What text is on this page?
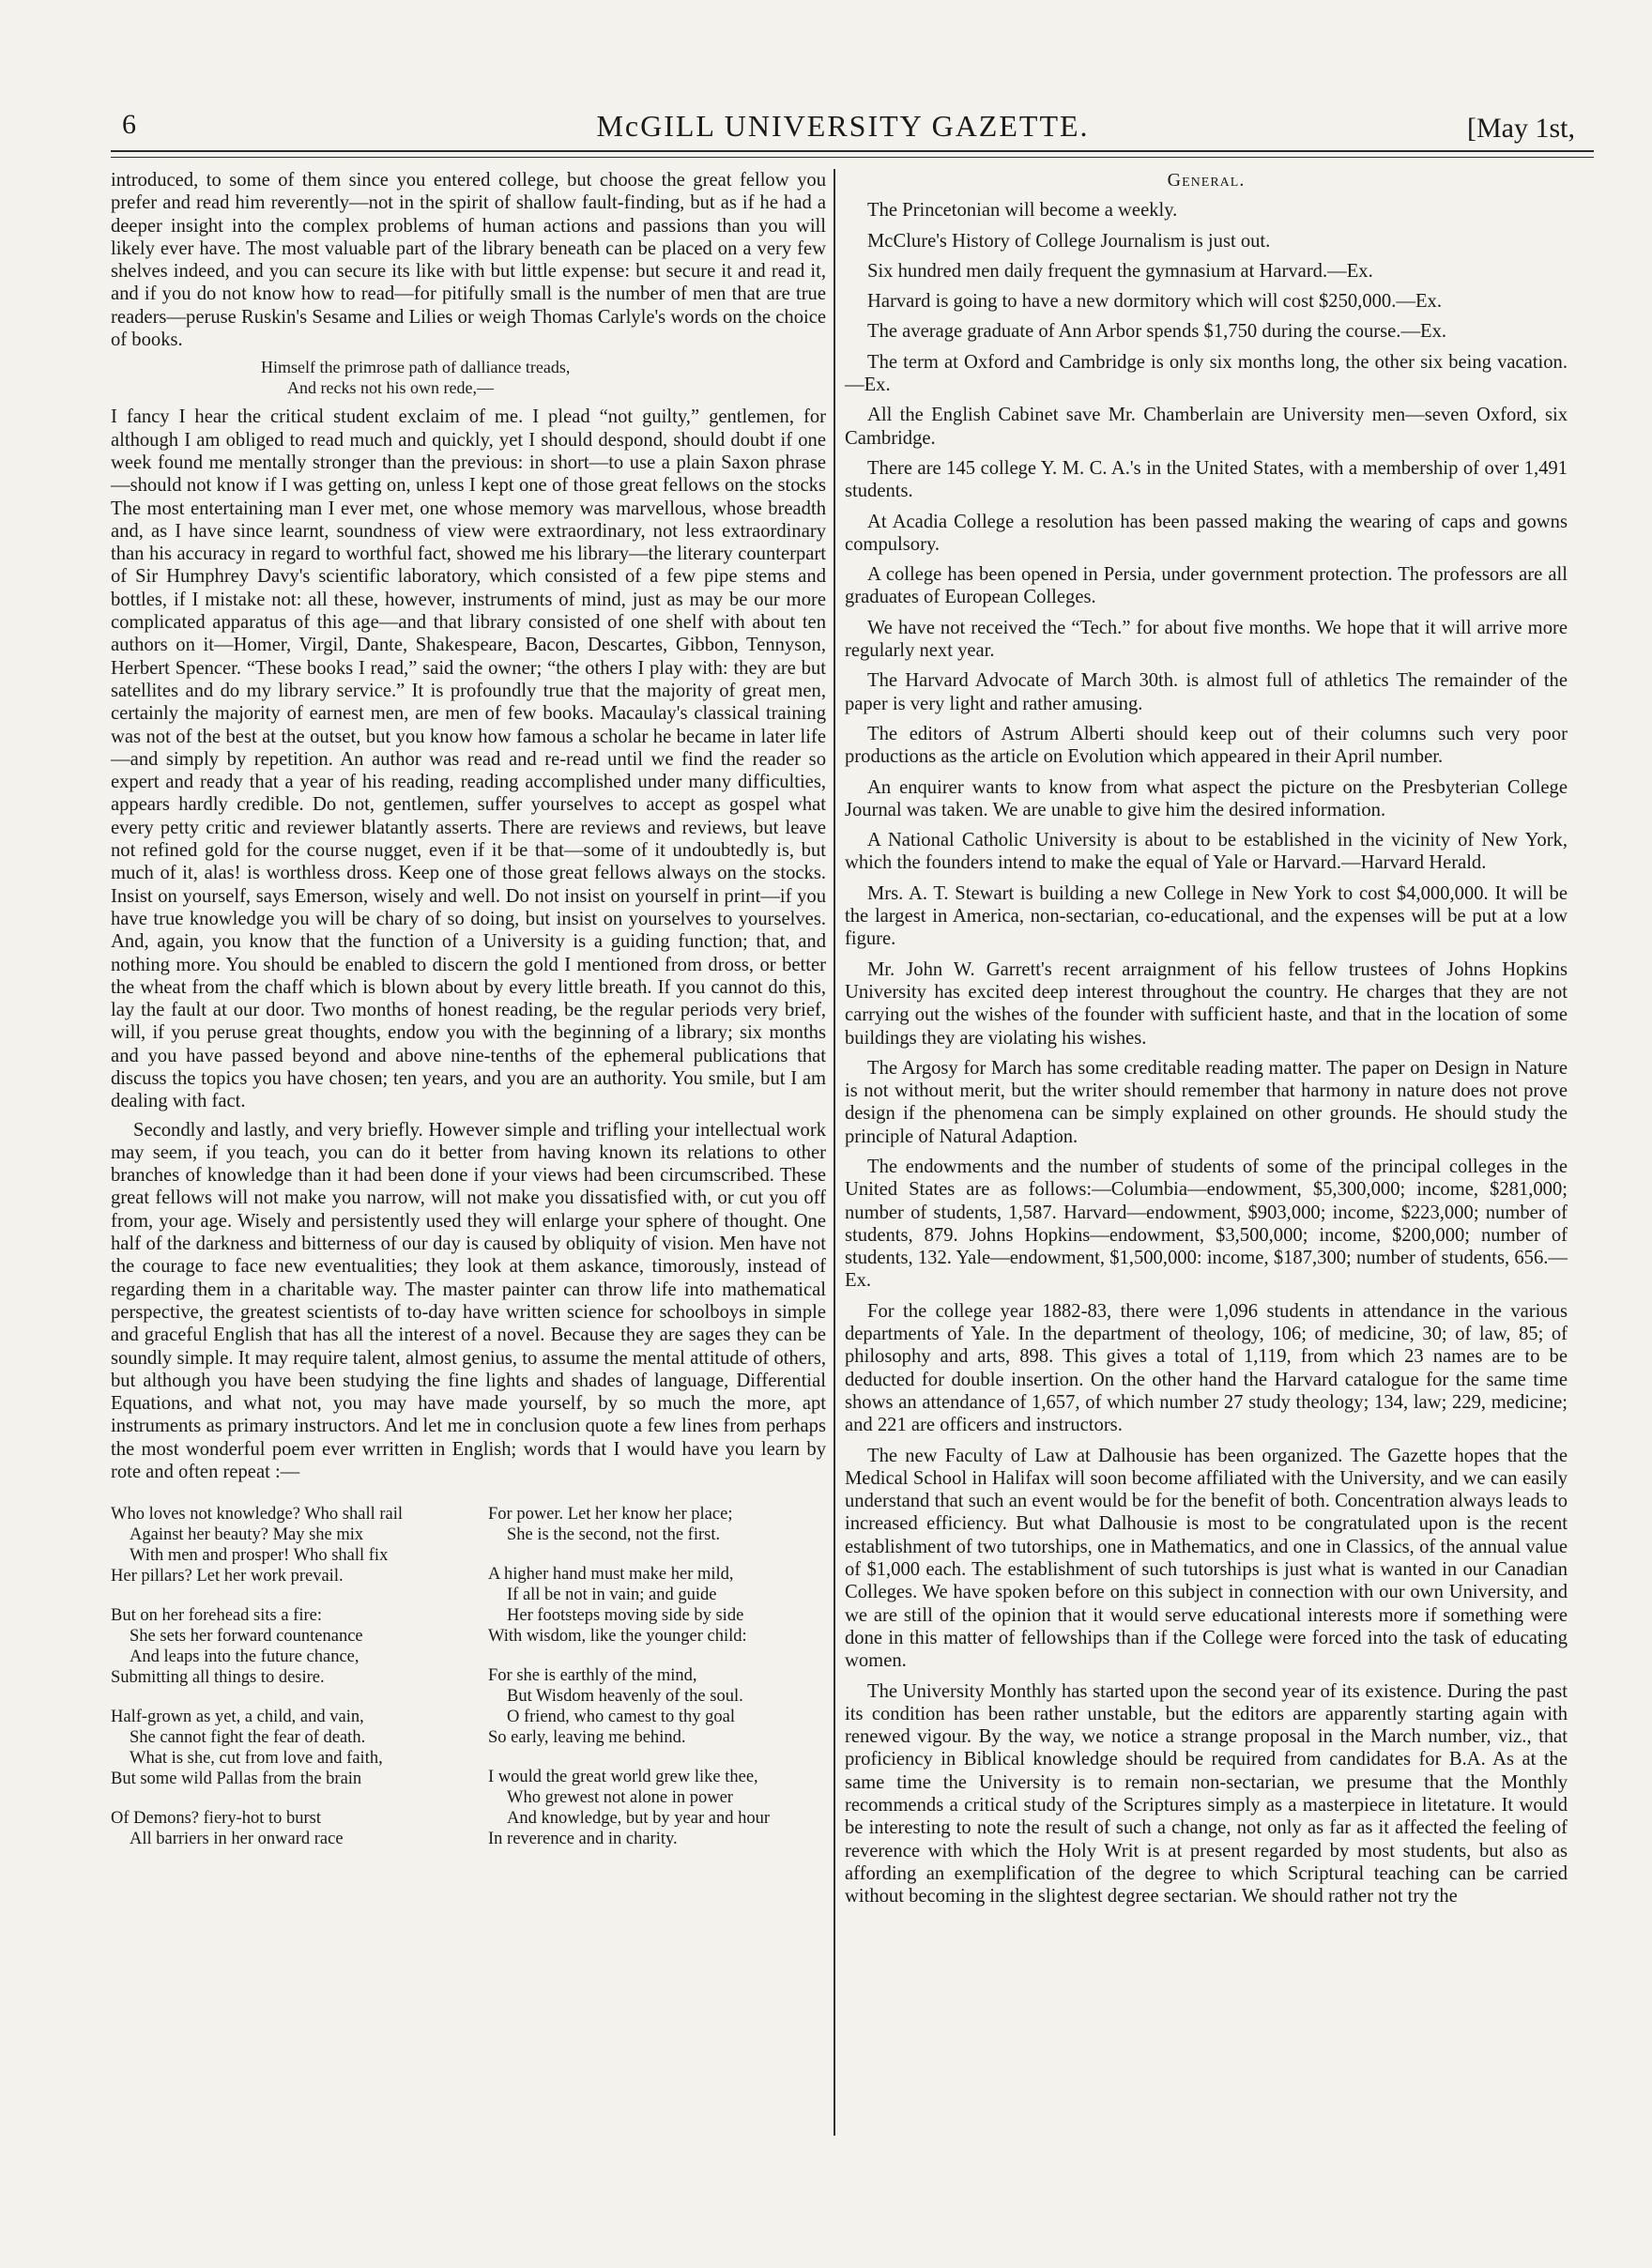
6	McGILL UNIVERSITY GAZETTE.	[May 1st,

introduced, to some of them since you entered college, but choose the great fellow you prefer and read him reverently—not in the spirit of shallow fault-finding, but as if he had a deeper insight into the complex problems of human actions and passions than you will likely ever have. The most valuable part of the library beneath can be placed on a very few shelves indeed, and you can secure its like with but little expense: but secure it and read it, and if you do not know how to read—for pitifully small is the number of men that are true readers—peruse Ruskin's Sesame and Lilies or weigh Thomas Carlyle's words on the choice of books.

Himself the primrose path of dalliance treads,
And recks not his own rede,—

I fancy I hear the critical student exclaim of me. I plead “not guilty,” gentlemen, for although I am obliged to read much and quickly, yet I should despond, should doubt if one week found me mentally stronger than the previous: in short—to use a plain Saxon phrase—should not know if I was getting on, unless I kept one of those great fellows on the stocks The most entertaining man I ever met, one whose memory was marvellous, whose breadth and, as I have since learnt, soundness of view were extraordinary, not less extraordinary than his accuracy in regard to worthful fact, showed me his library—the literary counterpart of Sir Humphrey Davy's scientific laboratory, which consisted of a few pipe stems and bottles, if I mistake not: all these, however, instruments of mind, just as may be our more complicated apparatus of this age—and that library consisted of one shelf with about ten authors on it—Homer, Virgil, Dante, Shakespeare, Bacon, Descartes, Gibbon, Tennyson, Herbert Spencer. “These books I read,” said the owner; “the others I play with: they are but satellites and do my library service.” It is profoundly true that the majority of great men, certainly the majority of earnest men, are men of few books. Macaulay's classical training was not of the best at the outset, but you know how famous a scholar he became in later life—and simply by repetition. An author was read and re-read until we find the reader so expert and ready that a year of his reading, reading accomplished under many difficulties, appears hardly credible. Do not, gentlemen, suffer yourselves to accept as gospel what every petty critic and reviewer blatantly asserts. There are reviews and reviews, but leave not refined gold for the course nugget, even if it be that—some of it undoubtedly is, but much of it, alas! is worthless dross. Keep one of those great fellows always on the stocks. Insist on yourself, says Emerson, wisely and well. Do not insist on yourself in print—if you have true knowledge you will be chary of so doing, but insist on yourselves to yourselves. And, again, you know that the function of a University is a guiding function; that, and nothing more. You should be enabled to discern the gold I mentioned from dross, or better the wheat from the chaff which is blown about by every little breath. If you cannot do this, lay the fault at our door. Two months of honest reading, be the regular periods very brief, will, if you peruse great thoughts, endow you with the beginning of a library; six months and you have passed beyond and above nine-tenths of the ephemeral publications that discuss the topics you have chosen; ten years, and you are an authority. You smile, but I am dealing with fact.

Secondly and lastly, and very briefly. However simple and trifling your intellectual work may seem, if you teach, you can do it better from having known its relations to other branches of knowledge than it had been done if your views had been circumscribed. These great fellows will not make you narrow, will not make you dissatisfied with, or cut you off from, your age. Wisely and persistently used they will enlarge your sphere of thought. One half of the darkness and bitterness of our day is caused by obliquity of vision. Men have not the courage to face new eventualities; they look at them askance, timorously, instead of regarding them in a charitable way. The master painter can throw life into mathematical perspective, the greatest scientists of to-day have written science for schoolboys in simple and graceful English that has all the interest of a novel. Because they are sages they can be soundly simple. It may require talent, almost genius, to assume the mental attitude of others, but although you have been studying the fine lights and shades of language, Differential Equations, and what not, you may have made yourself, by so much the more, apt instruments as primary instructors. And let me in conclusion quote a few lines from perhaps the most wonderful poem ever wrritten in English; words that I would have you learn by rote and often repeat :—

Who loves not knowledge? Who shall rail
Against her beauty? May she mix
With men and prosper! Who shall fix
Her pillars? Let her work prevail.
But on her forehead sits a fire:
She sets her forward countenance
And leaps into the future chance,
Submitting all things to desire.
Half-grown as yet, a child, and vain,
She cannot fight the fear of death.
What is she, cut from love and faith,
But some wild Pallas from the brain
Of Demons? fiery-hot to burst
All barriers in her onward race
For power. Let her know her place;
She is the second, not the first.
A higher hand must make her mild,
If all be not in vain; and guide
Her footsteps moving side by side
With wisdom, like the younger child:
For she is earthly of the mind,
But Wisdom heavenly of the soul.
O friend, who camest to thy goal
So early, leaving me behind.
I would the great world grew like thee,
Who grewest not alone in power
And knowledge, but by year and hour
In reverence and in charity.
General.
The Princetonian will become a weekly.
McClure's History of College Journalism is just out.
Six hundred men daily frequent the gymnasium at Harvard.—Ex.
Harvard is going to have a new dormitory which will cost $250,000.—Ex.
The average graduate of Ann Arbor spends $1,750 during the course.—Ex.
The term at Oxford and Cambridge is only six months long, the other six being vacation.—Ex.
All the English Cabinet save Mr. Chamberlain are University men—seven Oxford, six Cambridge.
There are 145 college Y. M. C. A.'s in the United States, with a membership of over 1,491 students.
At Acadia College a resolution has been passed making the wearing of caps and gowns compulsory.
A college has been opened in Persia, under government protection. The professors are all graduates of European Colleges.
We have not received the “Tech.” for about five months. We hope that it will arrive more regularly next year.
The Harvard Advocate of March 30th. is almost full of athletics The remainder of the paper is very light and rather amusing.
The editors of Astrum Alberti should keep out of their columns such very poor productions as the article on Evolution which appeared in their April number.
An enquirer wants to know from what aspect the picture on the Presbyterian College Journal was taken. We are unable to give him the desired information.
A National Catholic University is about to be established in the vicinity of New York, which the founders intend to make the equal of Yale or Harvard.—Harvard Herald.
Mrs. A. T. Stewart is building a new College in New York to cost $4,000,000. It will be the largest in America, non-sectarian, co-educational, and the expenses will be put at a low figure.
Mr. John W. Garrett's recent arraignment of his fellow trustees of Johns Hopkins University has excited deep interest throughout the country. He charges that they are not carrying out the wishes of the founder with sufficient haste, and that in the location of some buildings they are violating his wishes.
The Argosy for March has some creditable reading matter. The paper on Design in Nature is not without merit, but the writer should remember that harmony in nature does not prove design if the phenomena can be simply explained on other grounds. He should study the principle of Natural Adaption.
The endowments and the number of students of some of the principal colleges in the United States are as follows:—Columbia—endowment, $5,300,000; income, $281,000; number of students, 1,587. Harvard—endowment, $903,000; income, $223,000; number of students, 879. Johns Hopkins—endowment, $3,500,000; income, $200,000; number of students, 132. Yale—endowment, $1,500,000: income, $187,300; number of students, 656.—Ex.
For the college year 1882-83, there were 1,096 students in attendance in the various departments of Yale. In the department of theology, 106; of medicine, 30; of law, 85; of philosophy and arts, 898. This gives a total of 1,119, from which 23 names are to be deducted for double insertion. On the other hand the Harvard catalogue for the same time shows an attendance of 1,657, of which number 27 study theology; 134, law; 229, medicine; and 221 are officers and instructors.
The new Faculty of Law at Dalhousie has been organized. The Gazette hopes that the Medical School in Halifax will soon become affiliated with the University, and we can easily understand that such an event would be for the benefit of both. Concentration always leads to increased efficiency. But what Dalhousie is most to be congratulated upon is the recent establishment of two tutorships, one in Mathematics, and one in Classics, of the annual value of $1,000 each. The establishment of such tutorships is just what is wanted in our Canadian Colleges. We have spoken before on this subject in connection with our own University, and we are still of the opinion that it would serve educational interests more if something were done in this matter of fellowships than if the College were forced into the task of educating women.
The University Monthly has started upon the second year of its existence. During the past its condition has been rather unstable, but the editors are apparently starting again with renewed vigour. By the way, we notice a strange proposal in the March number, viz., that proficiency in Biblical knowledge should be required from candidates for B.A. As at the same time the University is to remain non-sectarian, we presume that the Monthly recommends a critical study of the Scriptures simply as a masterpiece in litetature. It would be interesting to note the result of such a change, not only as far as it affected the feeling of reverence with which the Holy Writ is at present regarded by most students, but also as affording an exemplification of the degree to which Scriptural teaching can be carried without becoming in the slightest degree sectarian. We should rather not try the
